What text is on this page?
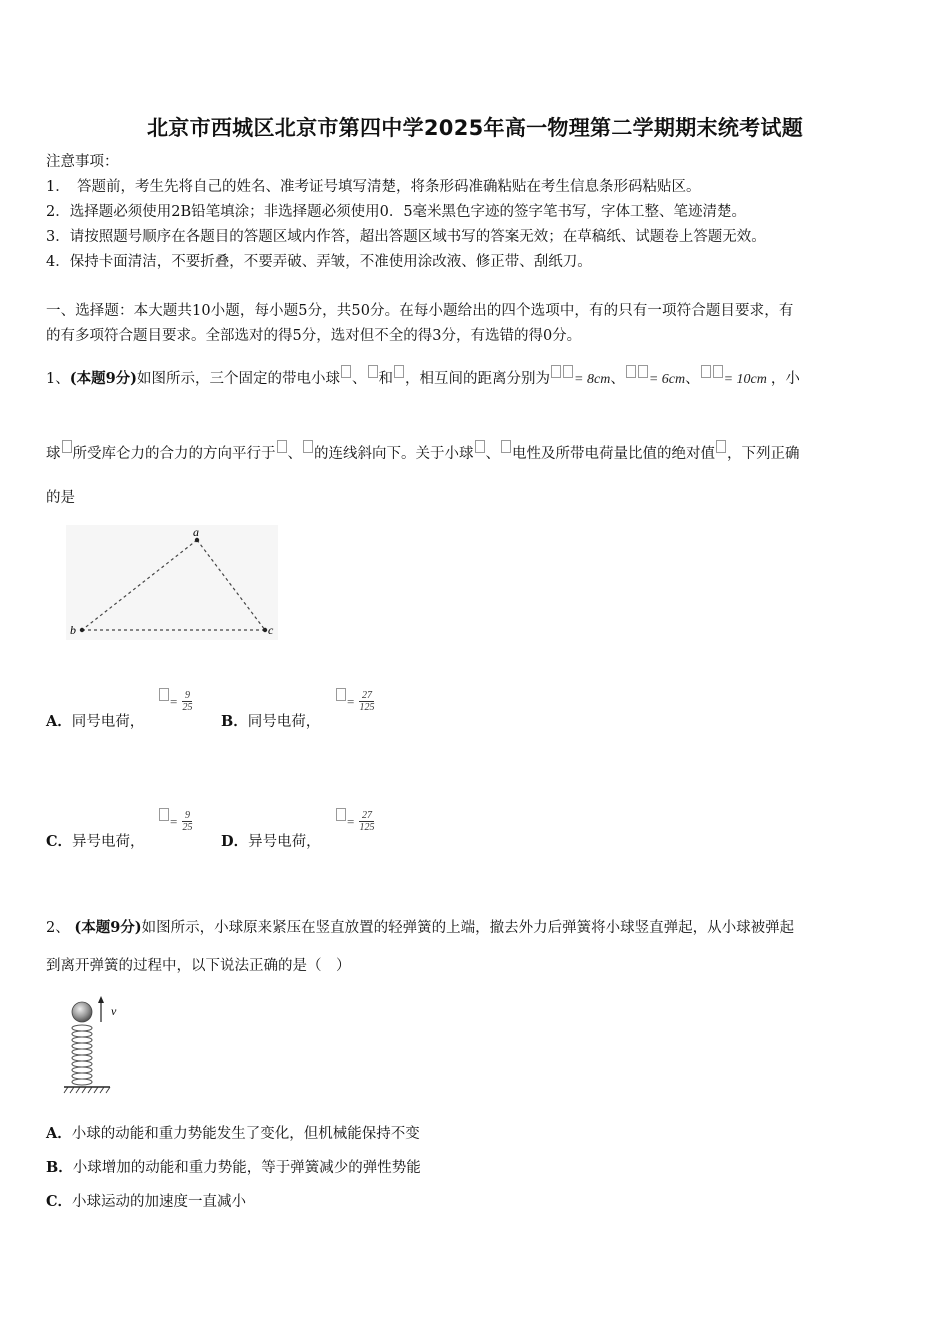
北京市西城区北京市第四中学2025年高一物理第二学期期末统考试题
注意事项：
1．　答题前，考生先将自己的姓名、准考证号填写清楚，将条形码准确粘贴在考生信息条形码粘贴区。
2．选择题必须使用2B铅笔填涂；非选择题必须使用0．5毫米黑色字迹的签字笔书写，字体工整、笔迹清楚。
3．请按照题号顺序在各题目的答题区域内作答，超出答题区域书写的答案无效；在草稿纸、试题卷上答题无效。
4．保持卡面清洁，不要折叠，不要弄破、弄皱，不准使用涂改液、修正带、刮纸刀。
一、选择题：本大题共10小题，每小题5分，共50分。在每小题给出的四个选项中，有的只有一项符合题目要求，有
的有多项符合题目要求。全部选对的得5分，选对但不全的得3分，有选错的得0分。
1、(本题9分)如图所示，三个固定的带电小球 、 和 ，相互间的距离分别为 = 8cm、 = 6cm、 = 10cm ，小
球 所受库仑力的合力的方向平行于 、 的连线斜向下。关于小球 、 电性及所带电荷量比值的绝对值 ，下列正确
的是
a
b	c
A．同号电荷，
= $\frac{9}{25}$
B．同号电荷，
= $\frac{27}{125}$
C．异号电荷，
= $\frac{9}{25}$
D．异号电荷，
= $\frac{27}{125}$
2、 (本题9分)如图所示，小球原来紧压在竖直放置的轻弹簧的上端，撤去外力后弹簧将小球竖直弹起，从小球被弹起
到离开弹簧的过程中，以下说法正确的是（　）
v
A．小球的动能和重力势能发生了变化，但机械能保持不变
B．小球增加的动能和重力势能，等于弹簧减少的弹性势能
C．小球运动的加速度一直减小
